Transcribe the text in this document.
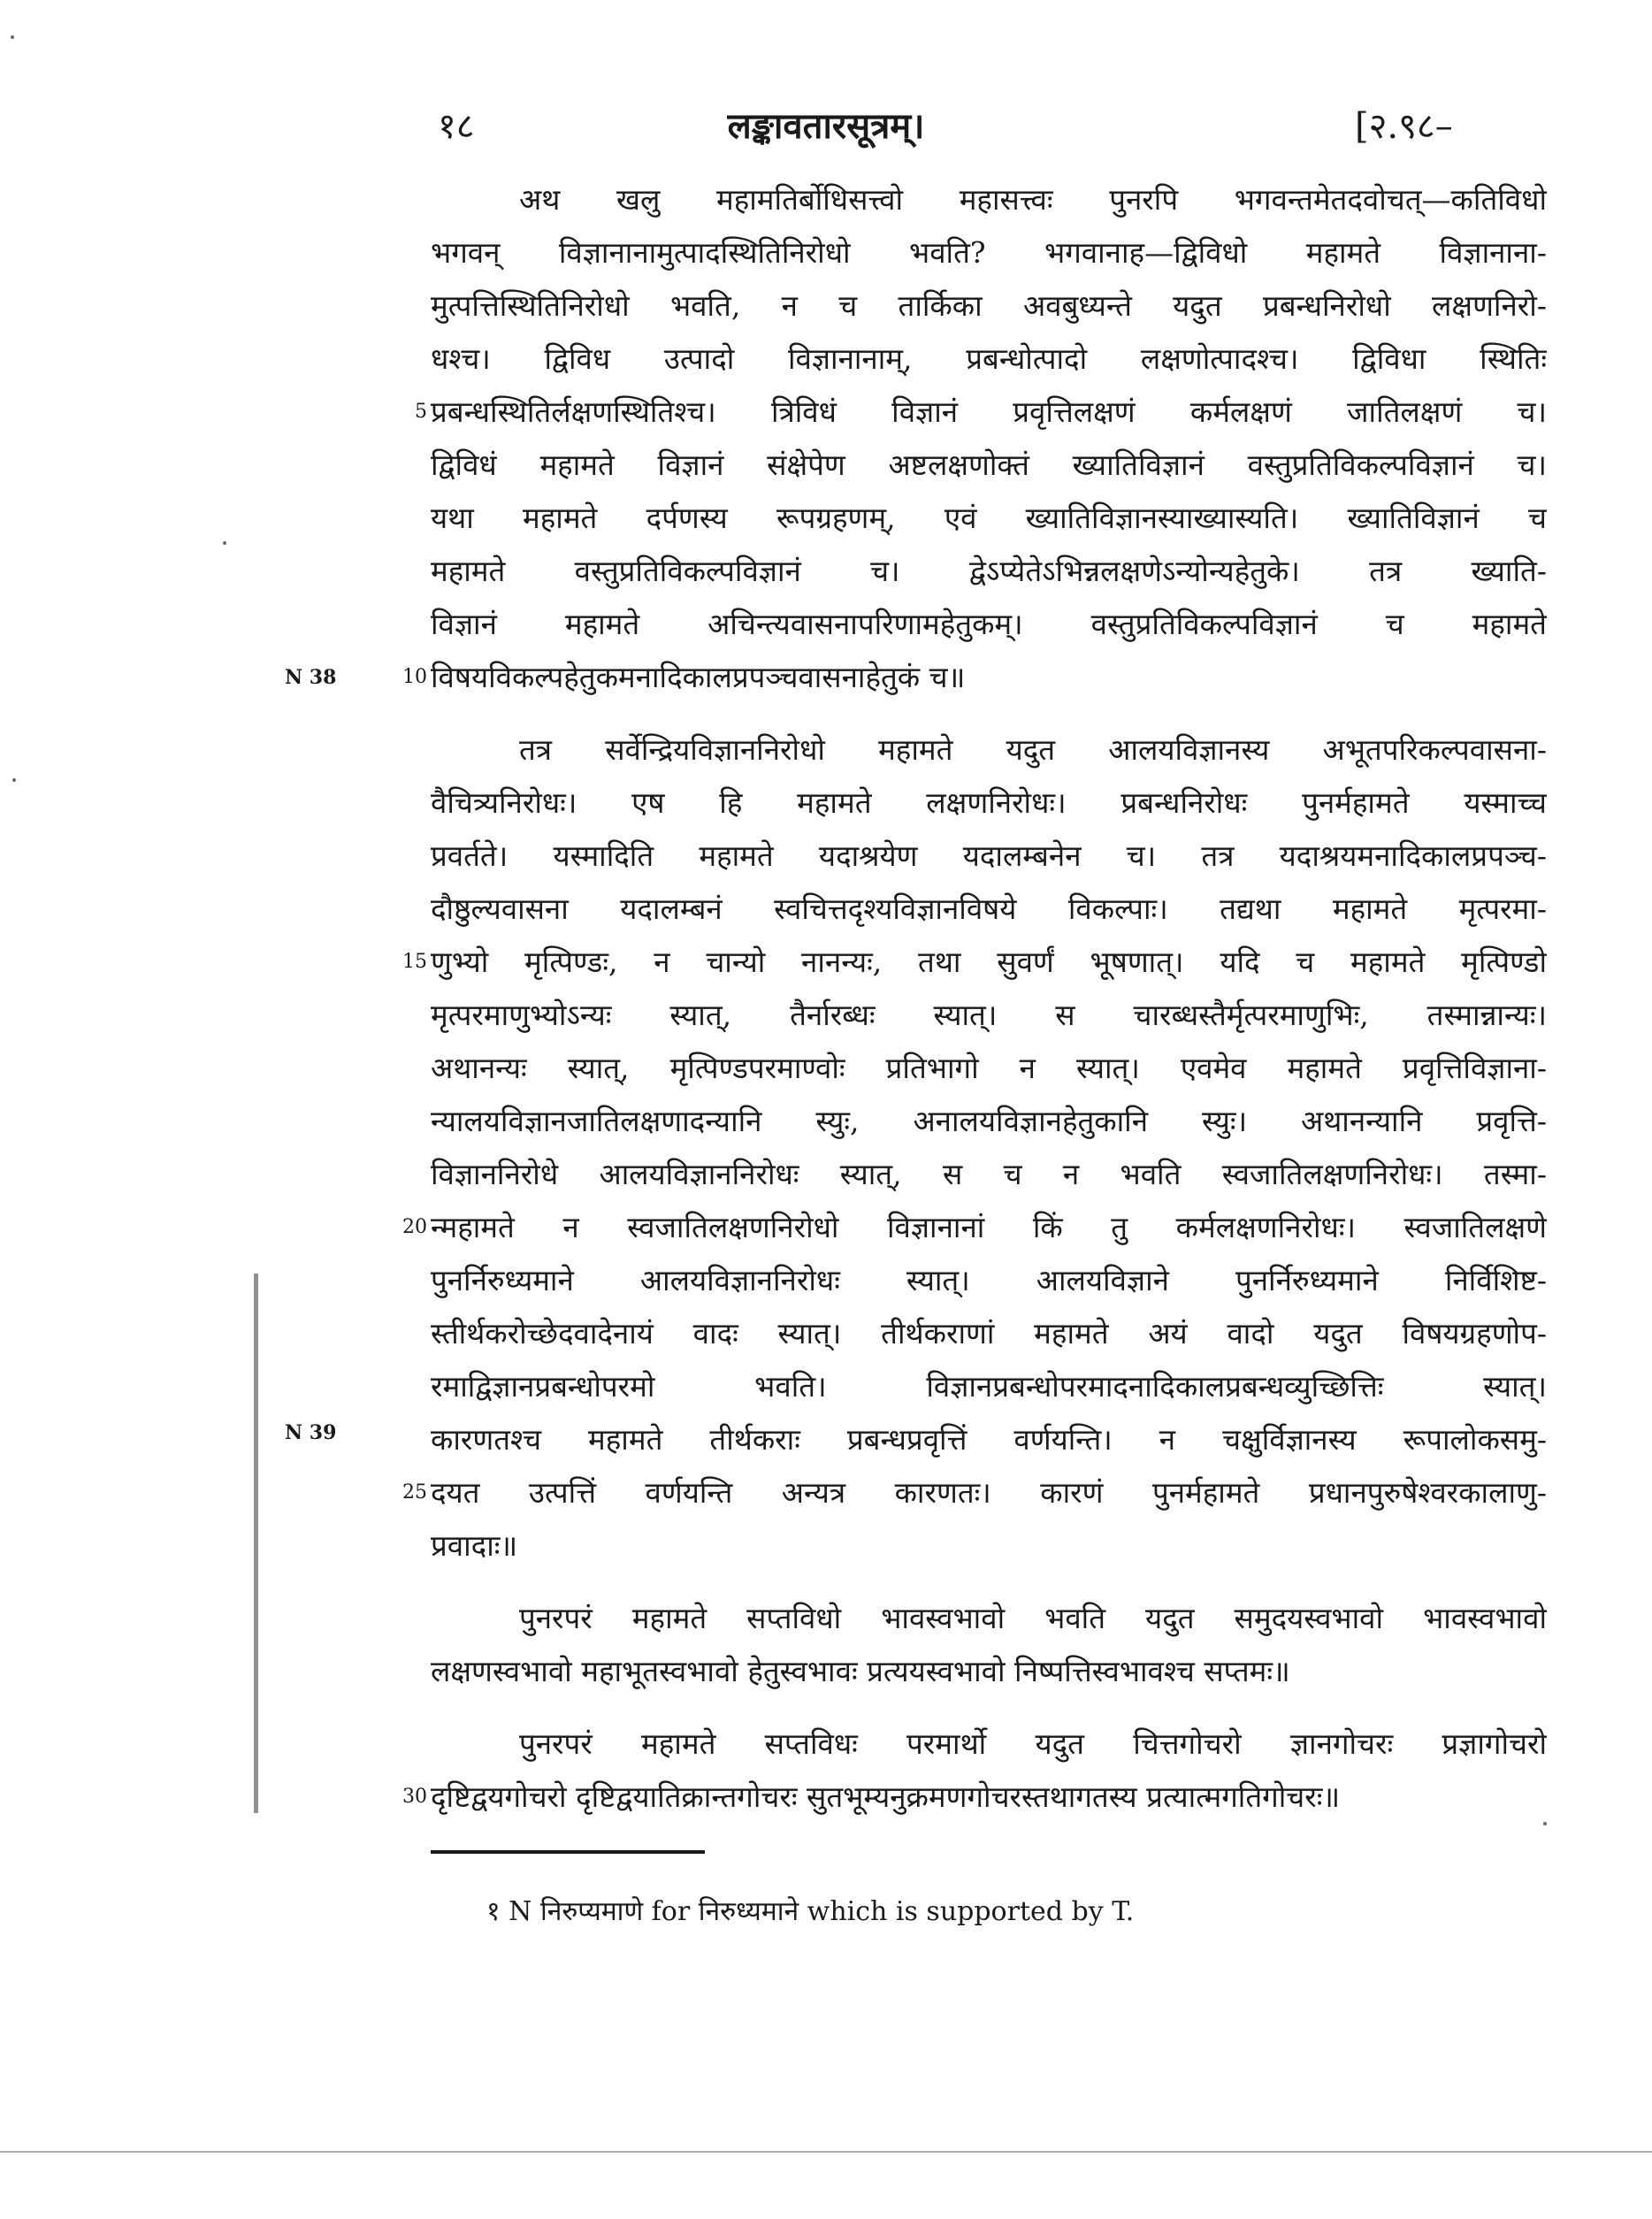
१८	लङ्कावतारसूत्रम्।	[२.९८–
अथ खलु महामतिर्बोधिसत्त्वो महासत्त्वः पुनरपि भगवन्तमेतदवोचत्—कतिविधो
भगवन् विज्ञानानामुत्पादस्थितिनिरोधो भवति? भगवानाह—द्विविधो महामते विज्ञानाना-
मुत्पत्तिस्थितिनिरोधो भवति, न च तार्किका अवबुध्यन्ते यदुत प्रबन्धनिरोधो लक्षणनिरो-
धश्च। द्विविध उत्पादो विज्ञानानाम्, प्रबन्धोत्पादो लक्षणोत्पादश्च। द्विविधा स्थितिः
प्रबन्धस्थितिर्लक्षणस्थितिश्च। त्रिविधं विज्ञानं प्रवृत्तिलक्षणं कर्मलक्षणं जातिलक्षणं च।
द्विविधं महामते विज्ञानं संक्षेपेण अष्टलक्षणोक्तं ख्यातिविज्ञानं वस्तुप्रतिविकल्पविज्ञानं च।
यथा महामते दर्पणस्य रूपग्रहणम्, एवं ख्यातिविज्ञानस्याख्यास्यति। ख्यातिविज्ञानं च
महामते वस्तुप्रतिविकल्पविज्ञानं च। द्वेऽप्येतेऽभिन्नलक्षणेऽन्योन्यहेतुके। तत्र ख्याति-
विज्ञानं महामते अचिन्त्यवासनापरिणामहेतुकम्। वस्तुप्रतिविकल्पविज्ञानं च महामते
विषयविकल्पहेतुकमनादिकालप्रपञ्चवासनाहेतुकं च॥
तत्र सर्वेन्द्रियविज्ञाननिरोधो महामते यदुत आलयविज्ञानस्य अभूतपरिकल्पवासना-
वैचित्र्यनिरोधः। एष हि महामते लक्षणनिरोधः। प्रबन्धनिरोधः पुनर्महामते यस्माच्च
प्रवर्तते। यस्मादिति महामते यदाश्रयेण यदालम्बनेन च। तत्र यदाश्रयमनादिकालप्रपञ्च-
दौष्ठुल्यवासना यदालम्बनं स्वचित्तदृश्यविज्ञानविषये विकल्पाः। तद्यथा महामते मृत्परमा-
णुभ्यो मृत्पिण्डः, न चान्यो नानन्यः, तथा सुवर्णं भूषणात्। यदि च महामते मृत्पिण्डो
मृत्परमाणुभ्योऽन्यः स्यात्, तैर्नारब्धः स्यात्। स चारब्धस्तैर्मृत्परमाणुभिः, तस्मान्नान्यः।
अथानन्यः स्यात्, मृत्पिण्डपरमाण्वोः प्रतिभागो न स्यात्। एवमेव महामते प्रवृत्तिविज्ञाना-
न्यालयविज्ञानजातिलक्षणादन्यानि स्युः, अनालयविज्ञानहेतुकानि स्युः। अथानन्यानि प्रवृत्ति-
विज्ञाननिरोधे आलयविज्ञाननिरोधः स्यात्, स च न भवति स्वजातिलक्षणनिरोधः। तस्मा-
न्महामते न स्वजातिलक्षणनिरोधो विज्ञानानां किं तु कर्मलक्षणनिरोधः। स्वजातिलक्षणे
पुनर्निरुध्यमाने आलयविज्ञाननिरोधः स्यात्। आलयविज्ञाने पुनर्निरुध्यमाने निर्विशिष्ट-
स्तीर्थकरोच्छेदवादेनायं वादः स्यात्। तीर्थकराणां महामते अयं वादो यदुत विषयग्रहणोप-
रमाद्विज्ञानप्रबन्धोपरमो भवति। विज्ञानप्रबन्धोपरमादनादिकालप्रबन्धव्युच्छित्तिः स्यात्।
कारणतश्च महामते तीर्थकराः प्रबन्धप्रवृत्तिं वर्णयन्ति। न चक्षुर्विज्ञानस्य रूपालोकसमु-
दयत उत्पत्तिं वर्णयन्ति अन्यत्र कारणतः। कारणं पुनर्महामते प्रधानपुरुषेश्वरकालाणु-
प्रवादाः॥
पुनरपरं महामते सप्तविधो भावस्वभावो भवति यदुत समुदयस्वभावो भावस्वभावो
लक्षणस्वभावो महाभूतस्वभावो हेतुस्वभावः प्रत्ययस्वभावो निष्पत्तिस्वभावश्च सप्तमः॥
पुनरपरं महामते सप्तविधः परमार्थो यदुत चित्तगोचरो ज्ञानगोचरः प्रज्ञागोचरो
दृष्टिद्वयगोचरो दृष्टिद्वयातिक्रान्तगोचरः सुतभूम्यनुक्रमणगोचरस्तथागतस्य प्रत्यात्मगतिगोचरः॥
5
10
15
20
25
30
N 38
N 39
१ N निरुप्यमाणे for निरुध्यमाने which is supported by T.
